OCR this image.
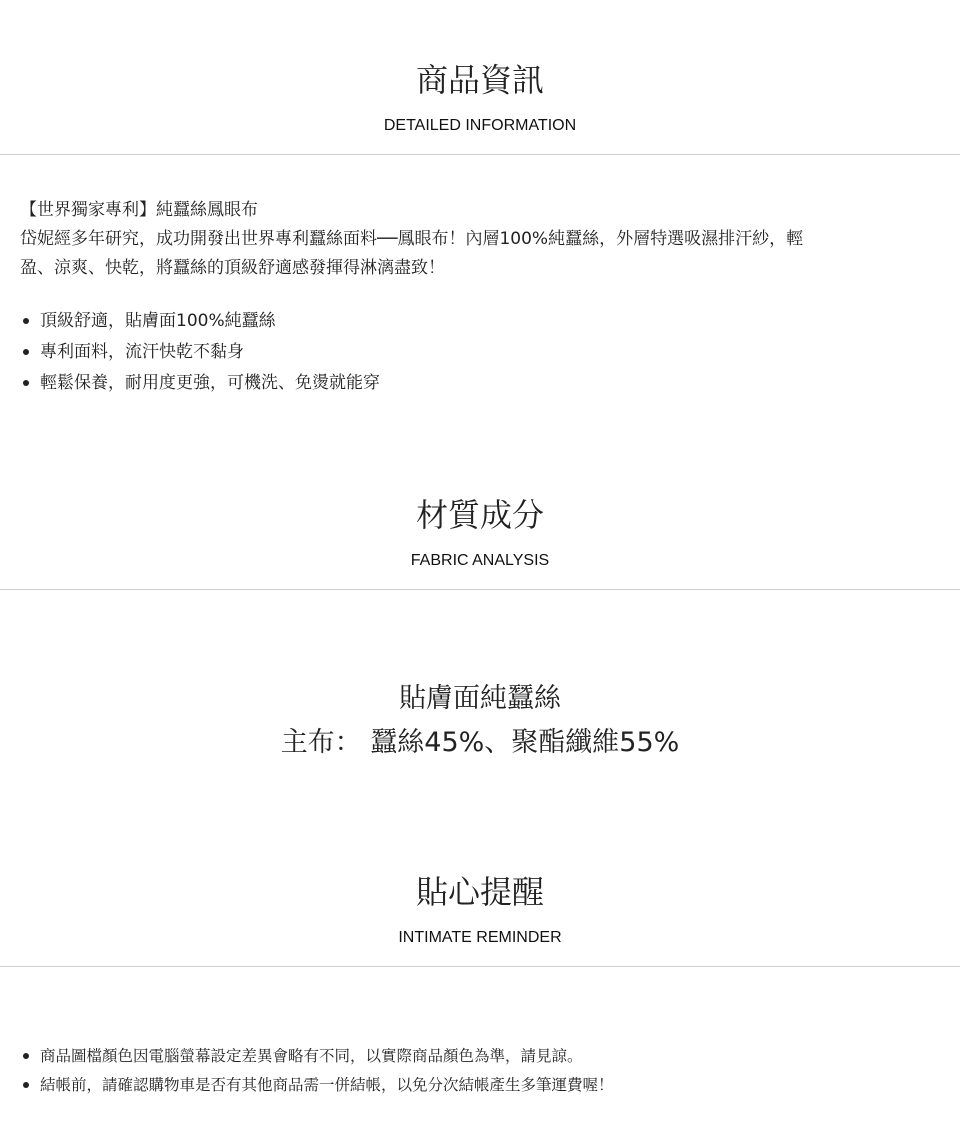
商品資訊
DETAILED INFORMATION

【世界獨家專利】純蠶絲鳳眼布

岱妮經多年研究，成功開發出世界專利蠶絲面料──鳳眼布！內層100%純蠶絲，外層特選吸濕排汗紗，輕

盈、涼爽、快乾，將蠶絲的頂級舒適感發揮得淋漓盡致！

頂級舒適，貼膚面100%純蠶絲
專利面料，流汗快乾不黏身
輕鬆保養，耐用度更強，可機洗、免燙就能穿
材質成分
FABRIC ANALYSIS
貼膚面純蠶絲
主布： 蠶絲45%、聚酯纖維55%
貼心提醒
INTIMATE REMINDER
商品圖檔顏色因電腦螢幕設定差異會略有不同，以實際商品顏色為準，請見諒。
結帳前，請確認購物車是否有其他商品需一併結帳，以免分次結帳產生多筆運費喔！
